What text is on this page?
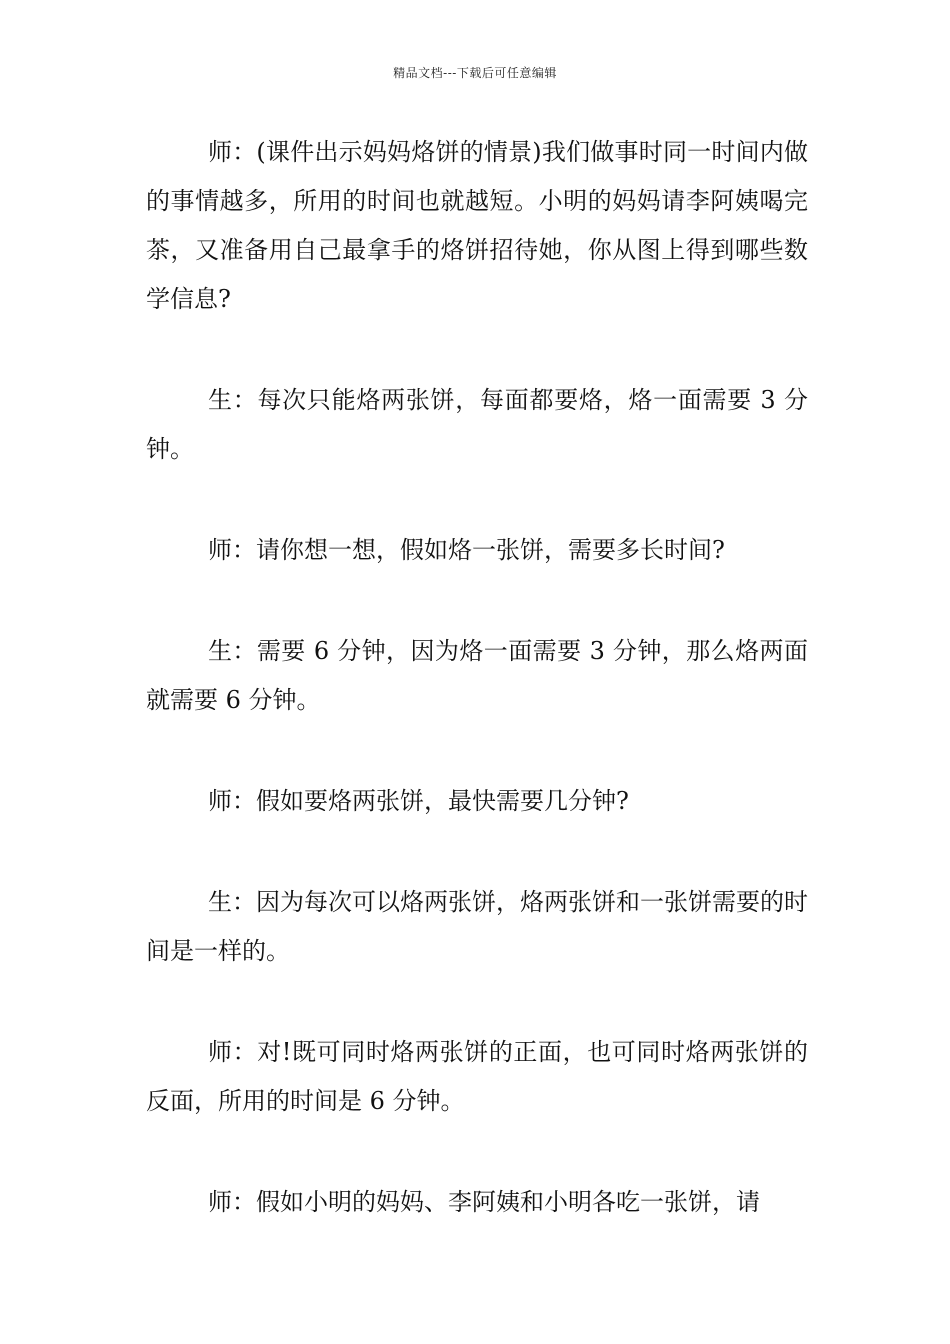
精品文档---下载后可任意编辑

师：(课件出示妈妈烙饼的情景)我们做事时同一时间内做的事情越多，所用的时间也就越短。小明的妈妈请李阿姨喝完茶，又准备用自己最拿手的烙饼招待她，你从图上得到哪些数学信息?

生：每次只能烙两张饼，每面都要烙，烙一面需要 3 分钟。

师：请你想一想，假如烙一张饼，需要多长时间?

生：需要 6 分钟，因为烙一面需要 3 分钟，那么烙两面就需要 6 分钟。

师：假如要烙两张饼，最快需要几分钟?

生：因为每次可以烙两张饼，烙两张饼和一张饼需要的时间是一样的。

师：对!既可同时烙两张饼的正面，也可同时烙两张饼的反面，所用的时间是 6 分钟。

师：假如小明的妈妈、李阿姨和小明各吃一张饼，请
